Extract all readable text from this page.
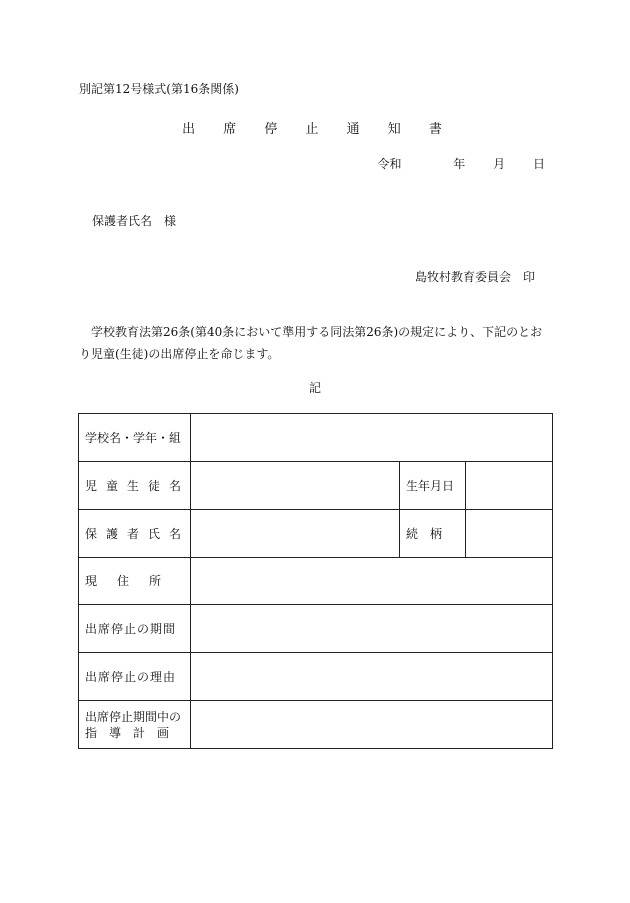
別記第12号様式(第16条関係)
出 席 停 止 通 知 書
令和	年 月 日
保護者氏名　様
島牧村教育委員会　印
学校教育法第26条(第40条において準用する同法第26条)の規定により、下記のとおり児童(生徒)の出席停止を命じます。
記
学校名・学年・組			
児童生徒名		生年月日	
保護者氏名		続　柄	
現　住　所			
出席停止の期間			
出席停止の理由			

出席停止期間中の
指　導　計　画			
